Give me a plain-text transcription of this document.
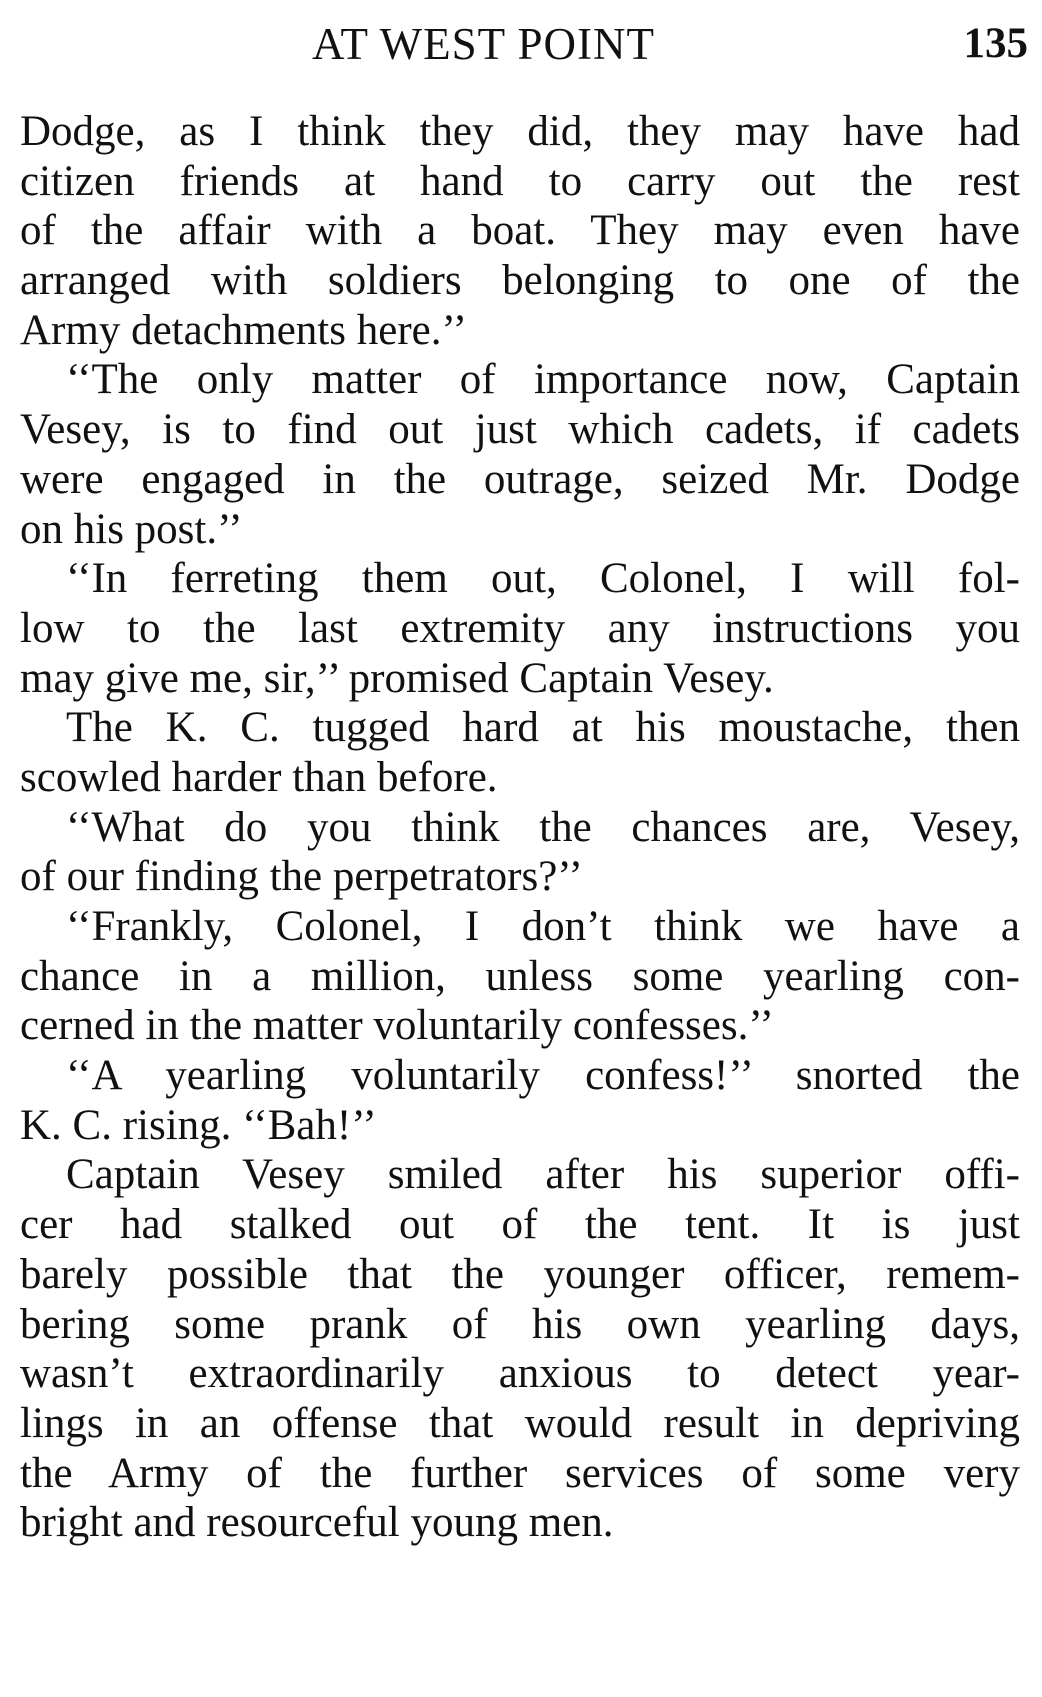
AT WEST POINT	135
Dodge, as I think they did, they may have had
citizen friends at hand to carry out the rest
of the affair with a boat. They may even have
arranged with soldiers belonging to one of the
Army detachments here.’’
‘‘The only matter of importance now, Captain
Vesey, is to find out just which cadets, if cadets
were engaged in the outrage, seized Mr. Dodge
on his post.’’
‘‘In ferreting them out, Colonel, I will fol-
low to the last extremity any instructions you
may give me, sir,’’ promised Captain Vesey.
The K. C. tugged hard at his moustache, then
scowled harder than before.
‘‘What do you think the chances are, Vesey,
of our finding the perpetrators?’’
‘‘Frankly, Colonel, I don’t think we have a
chance in a million, unless some yearling con-
cerned in the matter voluntarily confesses.’’
‘‘A yearling voluntarily confess!’’ snorted the
K. C. rising. ‘‘Bah!’’
Captain Vesey smiled after his superior offi-
cer had stalked out of the tent. It is just
barely possible that the younger officer, remem-
bering some prank of his own yearling days,
wasn’t extraordinarily anxious to detect year-
lings in an offense that would result in depriving
the Army of the further services of some very
bright and resourceful young men.
